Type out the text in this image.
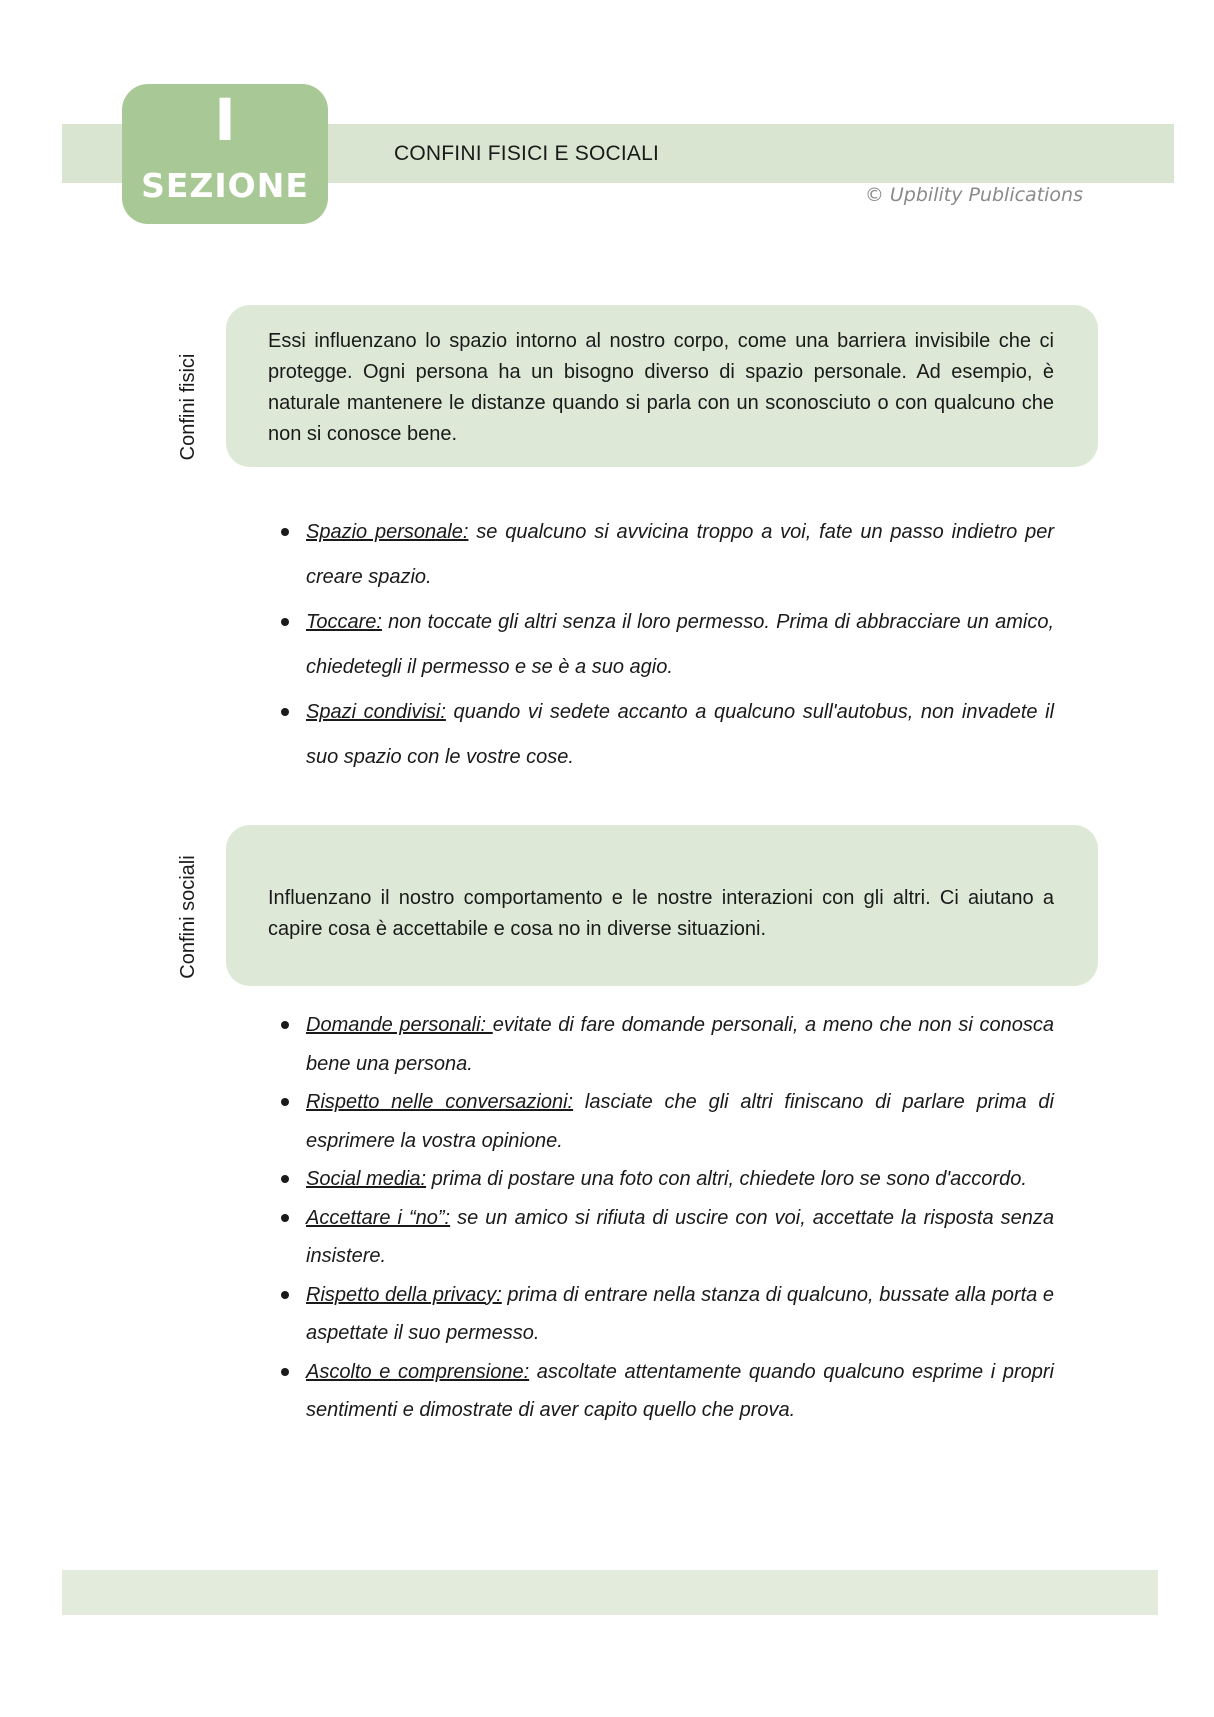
I
SEZIONE
CONFINI FISICI E SOCIALI
© Upbility Publications
Confini fisici

Essi influenzano lo spazio intorno al nostro corpo, come una barriera invisibile che ci protegge. Ogni persona ha un bisogno diverso di spazio personale. Ad esempio, è naturale mantenere le distanze quando si parla con un sconosciuto o con qualcuno che non si conosce bene.

Spazio personale: se qualcuno si avvicina troppo a voi, fate un passo indietro per creare spazio.
Toccare: non toccate gli altri senza il loro permesso. Prima di abbracciare un amico, chiedetegli il permesso e se è a suo agio.
Spazi condivisi: quando vi sedete accanto a qualcuno sull'autobus, non invadete il suo spazio con le vostre cose.
Confini sociali	Influenzano il nostro comportamento e le nostre interazioni con gli altri. Ci aiutano a capire cosa è accettabile e cosa no in diverse situazioni.

Domande personali: evitate di fare domande personali, a meno che non si conosca bene una persona.
Rispetto nelle conversazioni: lasciate che gli altri finiscano di parlare prima di esprimere la vostra opinione.
Social media: prima di postare una foto con altri, chiedete loro se sono d'accordo.
Accettare i “no”: se un amico si rifiuta di uscire con voi, accettate la risposta senza insistere.
Rispetto della privacy: prima di entrare nella stanza di qualcuno, bussate alla porta e aspettate il suo permesso.
Ascolto e comprensione: ascoltate attentamente quando qualcuno esprime i propri sentimenti e dimostrate di aver capito quello che prova.
